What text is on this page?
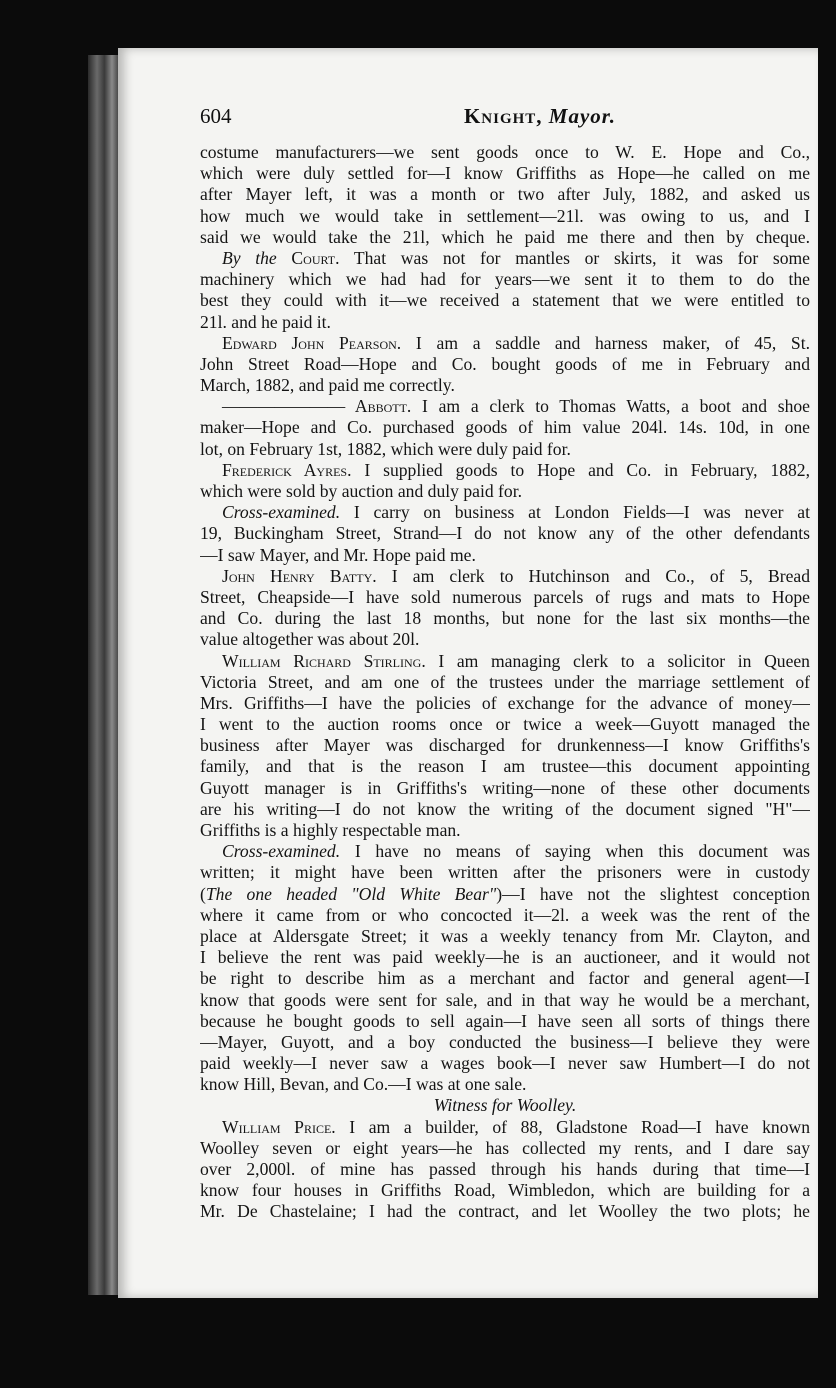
604	Knight, Mayor.
costume manufacturers—we sent goods once to W. E. Hope and Co.,
which were duly settled for—I know Griffiths as Hope—he called on me
after Mayer left, it was a month or two after July, 1882, and asked us
how much we would take in settlement—21l. was owing to us, and I
said we would take the 21l, which he paid me there and then by cheque.
By the Court. That was not for mantles or skirts, it was for some
machinery which we had had for years—we sent it to them to do the
best they could with it—we received a statement that we were entitled to
21l. and he paid it.
Edward John Pearson. I am a saddle and harness maker, of 45, St.
John Street Road—Hope and Co. bought goods of me in February and
March, 1882, and paid me correctly.
——————— Abbott. I am a clerk to Thomas Watts, a boot and shoe
maker—Hope and Co. purchased goods of him value 204l. 14s. 10d, in one
lot, on February 1st, 1882, which were duly paid for.
Frederick Ayres. I supplied goods to Hope and Co. in February, 1882,
which were sold by auction and duly paid for.
Cross-examined. I carry on business at London Fields—I was never at
19, Buckingham Street, Strand—I do not know any of the other defendants
—I saw Mayer, and Mr. Hope paid me.
John Henry Batty. I am clerk to Hutchinson and Co., of 5, Bread
Street, Cheapside—I have sold numerous parcels of rugs and mats to Hope
and Co. during the last 18 months, but none for the last six months—the
value altogether was about 20l.
William Richard Stirling. I am managing clerk to a solicitor in Queen
Victoria Street, and am one of the trustees under the marriage settlement of
Mrs. Griffiths—I have the policies of exchange for the advance of money—
I went to the auction rooms once or twice a week—Guyott managed the
business after Mayer was discharged for drunkenness—I know Griffiths's
family, and that is the reason I am trustee—this document appointing
Guyott manager is in Griffiths's writing—none of these other documents
are his writing—I do not know the writing of the document signed "H"—
Griffiths is a highly respectable man.
Cross-examined. I have no means of saying when this document was
written; it might have been written after the prisoners were in custody
(The one headed "Old White Bear")—I have not the slightest conception
where it came from or who concocted it—2l. a week was the rent of the
place at Aldersgate Street; it was a weekly tenancy from Mr. Clayton, and
I believe the rent was paid weekly—he is an auctioneer, and it would not
be right to describe him as a merchant and factor and general agent—I
know that goods were sent for sale, and in that way he would be a merchant,
because he bought goods to sell again—I have seen all sorts of things there
—Mayer, Guyott, and a boy conducted the business—I believe they were
paid weekly—I never saw a wages book—I never saw Humbert—I do not
know Hill, Bevan, and Co.—I was at one sale.
Witness for Woolley.
William Price. I am a builder, of 88, Gladstone Road—I have known
Woolley seven or eight years—he has collected my rents, and I dare say
over 2,000l. of mine has passed through his hands during that time—I
know four houses in Griffiths Road, Wimbledon, which are building for a
Mr. De Chastelaine; I had the contract, and let Woolley the two plots; he
